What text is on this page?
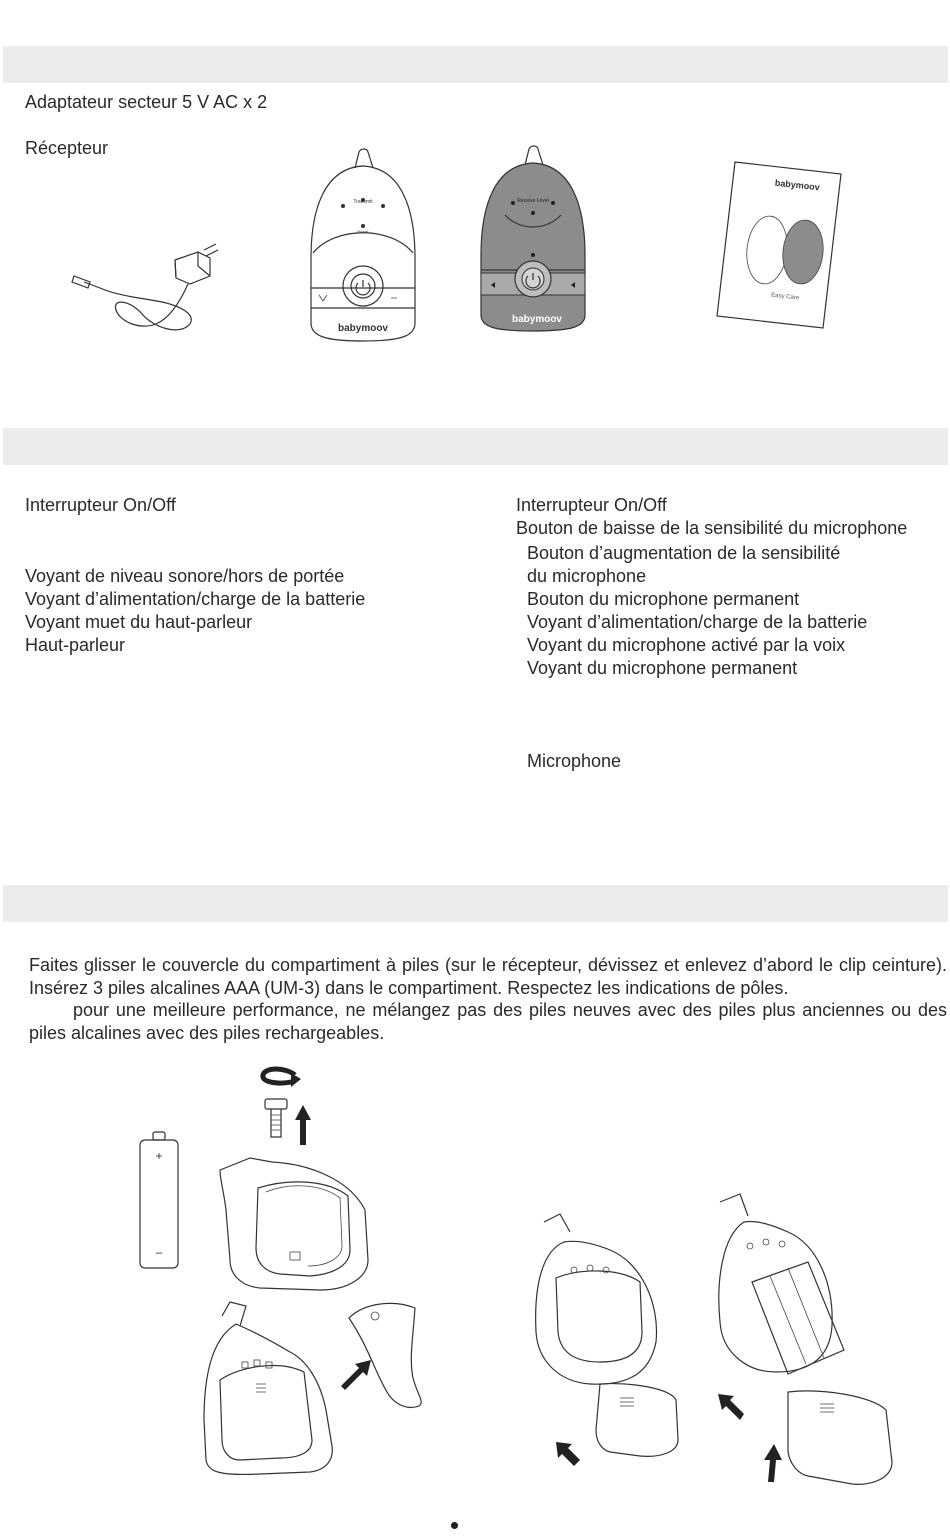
Adaptateur secteur 5 V AC x 2
Récepteur
Transmit
Power
babymoov
Receive Level
babymoov
babymoov
Easy Care
Interrupteur On/Off
Voyant de niveau sonore/hors de portée
Voyant d’alimentation/charge de la batterie
Voyant muet du haut-parleur
Haut-parleur
Interrupteur On/Off
Bouton de baisse de la sensibilité du microphone
Bouton d’augmentation de la sensibilité
du microphone
Bouton du microphone permanent
Voyant d’alimentation/charge de la batterie
Voyant du microphone activé par la voix
Voyant du microphone permanent
Microphone
Faites glisser le couvercle du compartiment à piles (sur le récepteur, dévissez et enlevez d’abord le clip ceinture). Insérez 3 piles alcalines AAA (UM-3) dans le compartiment. Respectez les indications de pôles.
pour une meilleure performance, ne mélangez pas des piles neuves avec des piles plus anciennes ou des piles alcalines avec des piles rechargeables.
+
–
